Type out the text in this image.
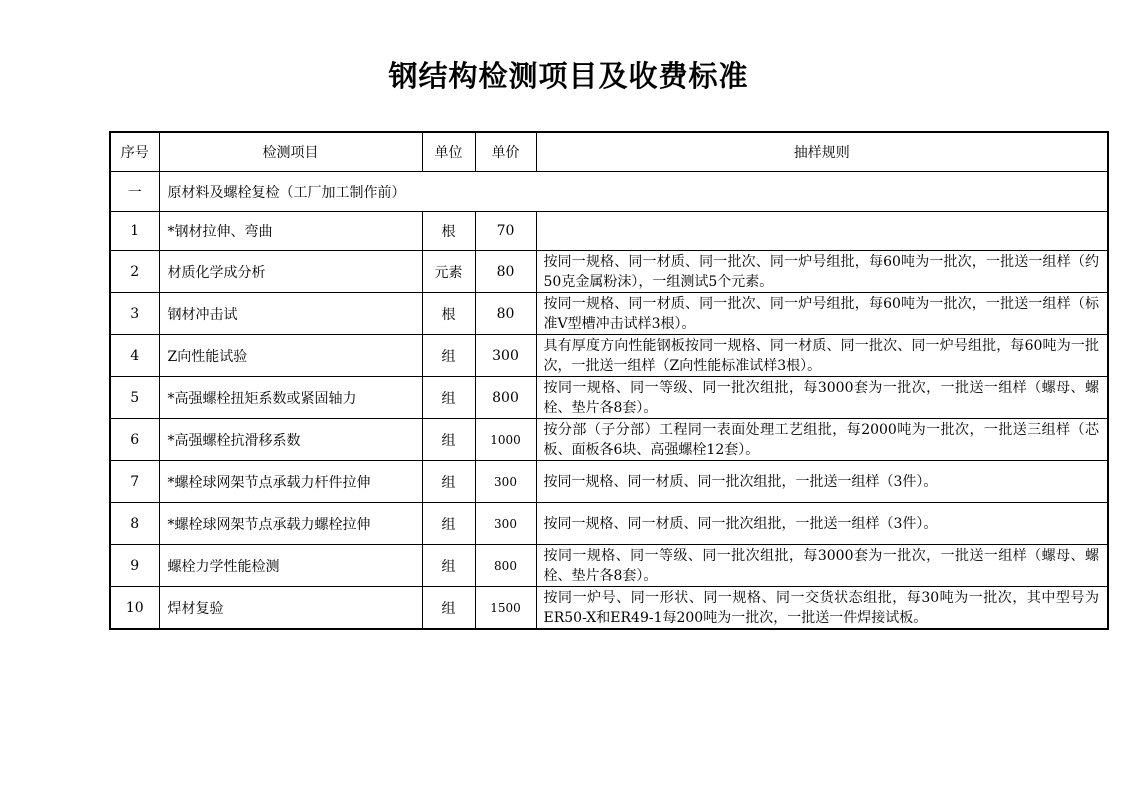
钢结构检测项目及收费标准
序号	检测项目	单位	单价	抽样规则
一	原材料及螺栓复检（工厂加工制作前）			
1	*钢材拉伸、弯曲	根	70	
2	材质化学成分析	元素	80	按同一规格、同一材质、同一批次、同一炉号组批，每60吨为一批次，一批送一组样（约50克金属粉沫），一组测试5个元素。
3	钢材冲击试	根	80	按同一规格、同一材质、同一批次、同一炉号组批，每60吨为一批次，一批送一组样（标准V型槽冲击试样3根）。
4	Z向性能试验	组	300	具有厚度方向性能钢板按同一规格、同一材质、同一批次、同一炉号组批，每60吨为一批次，一批送一组样（Z向性能标准试样3根）。
5	*高强螺栓扭矩系数或紧固轴力	组	800	按同一规格、同一等级、同一批次组批，每3000套为一批次，一批送一组样（螺母、螺栓、垫片各8套）。
6	*高强螺栓抗滑移系数	组	1000	按分部（子分部）工程同一表面处理工艺组批，每2000吨为一批次，一批送三组样（芯板、面板各6块、高强螺栓12套）。
7	*螺栓球网架节点承载力杆件拉伸	组	300	按同一规格、同一材质、同一批次组批，一批送一组样（3件）。
8	*螺栓球网架节点承载力螺栓拉伸	组	300	按同一规格、同一材质、同一批次组批，一批送一组样（3件）。
9	螺栓力学性能检测	组	800	按同一规格、同一等级、同一批次组批，每3000套为一批次，一批送一组样（螺母、螺栓、垫片各8套）。
10	焊材复验	组	1500	按同一炉号、同一形状、同一规格、同一交货状态组批，每30吨为一批次，其中型号为ER50-X和ER49-1每200吨为一批次，一批送一件焊接试板。
